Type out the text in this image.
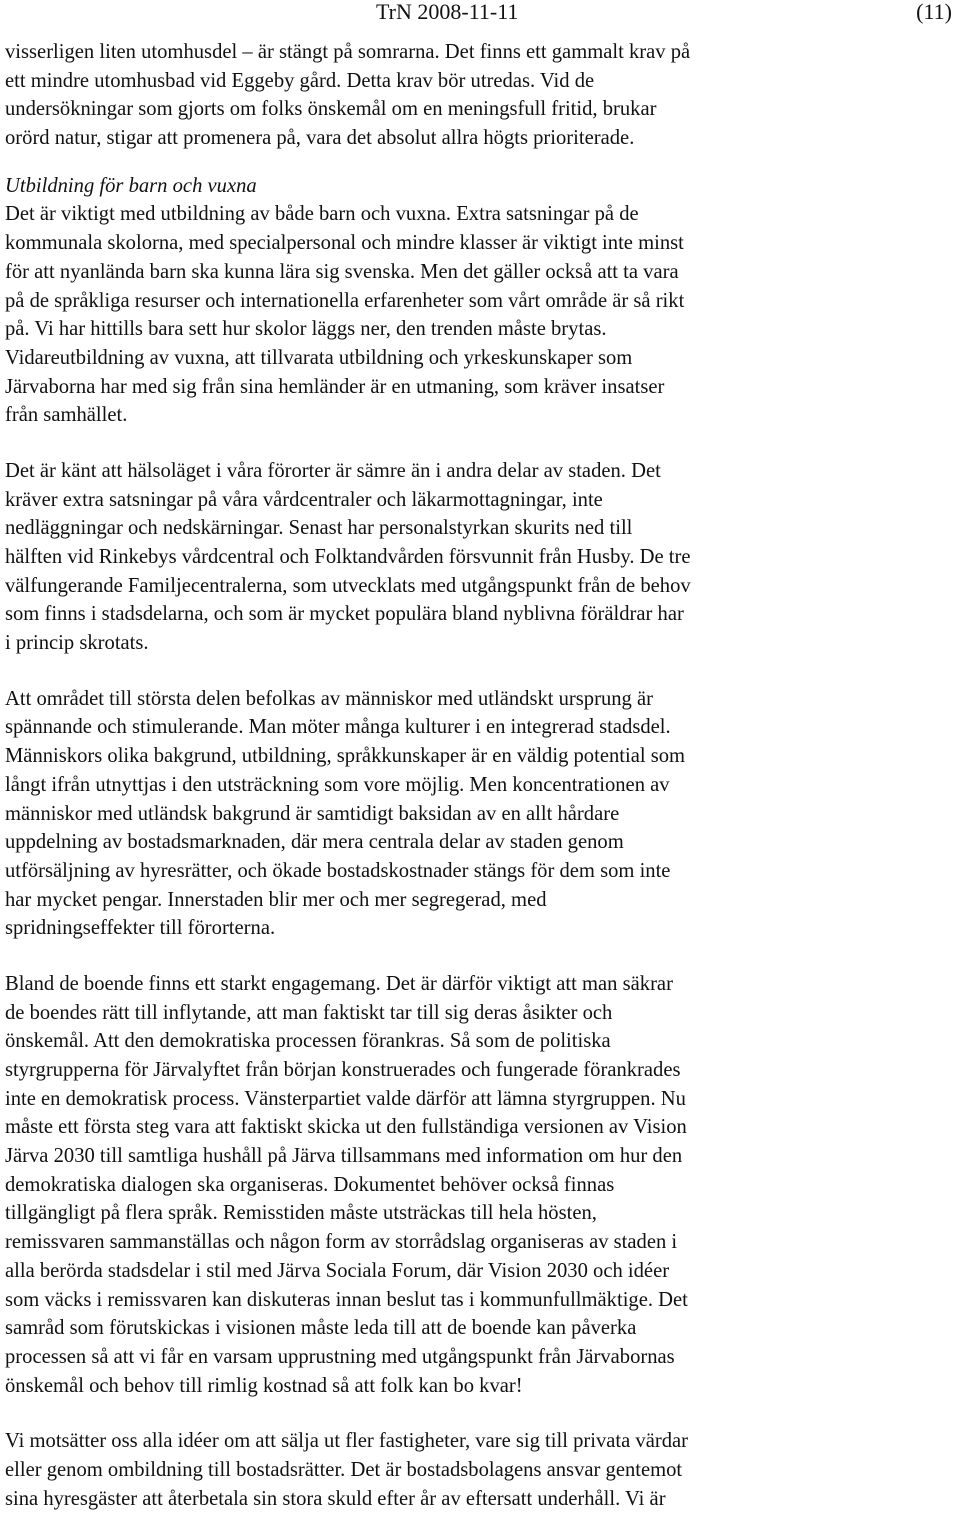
TrN 2008-11-11	(11)
visserligen liten utomhusdel – är stängt på somrarna. Det finns ett gammalt krav på
ett mindre utomhusbad vid Eggeby gård. Detta krav bör utredas. Vid de
undersökningar som gjorts om folks önskemål om en meningsfull fritid, brukar
orörd natur, stigar att promenera på, vara det absolut allra högts prioriterade.
Utbildning för barn och vuxna
Det är viktigt med utbildning av både barn och vuxna. Extra satsningar på de
kommunala skolorna, med specialpersonal och mindre klasser är viktigt inte minst
för att nyanlända barn ska kunna lära sig svenska. Men det gäller också att ta vara
på de språkliga resurser och internationella erfarenheter som vårt område är så rikt
på. Vi har hittills bara sett hur skolor läggs ner, den trenden måste brytas.
Vidareutbildning av vuxna, att tillvarata utbildning och yrkeskunskaper som
Järvaborna har med sig från sina hemländer är en utmaning, som kräver insatser
från samhället.
Det är känt att hälsoläget i våra förorter är sämre än i andra delar av staden. Det
kräver extra satsningar på våra vårdcentraler och läkarmottagningar, inte
nedläggningar och nedskärningar. Senast har personalstyrkan skurits ned till
hälften vid Rinkebys vårdcentral och Folktandvården försvunnit från Husby. De tre
välfungerande Familjecentralerna, som utvecklats med utgångspunkt från de behov
som finns i stadsdelarna, och som är mycket populära bland nyblivna föräldrar har
i princip skrotats.
Att området till största delen befolkas av människor med utländskt ursprung är
spännande och stimulerande. Man möter många kulturer i en integrerad stadsdel.
Människors olika bakgrund, utbildning, språkkunskaper är en väldig potential som
långt ifrån utnyttjas i den utsträckning som vore möjlig. Men koncentrationen av
människor med utländsk bakgrund är samtidigt baksidan av en allt hårdare
uppdelning av bostadsmarknaden, där mera centrala delar av staden genom
utförsäljning av hyresrätter, och ökade bostadskostnader stängs för dem som inte
har mycket pengar. Innerstaden blir mer och mer segregerad, med
spridningseffekter till förorterna.
Bland de boende finns ett starkt engagemang. Det är därför viktigt att man säkrar
de boendes rätt till inflytande, att man faktiskt tar till sig deras åsikter och
önskemål. Att den demokratiska processen förankras. Så som de politiska
styrgrupperna för Järvalyftet från början konstruerades och fungerade förankrades
inte en demokratisk process. Vänsterpartiet valde därför att lämna styrgruppen. Nu
måste ett första steg vara att faktiskt skicka ut den fullständiga versionen av Vision
Järva 2030 till samtliga hushåll på Järva tillsammans med information om hur den
demokratiska dialogen ska organiseras. Dokumentet behöver också finnas
tillgängligt på flera språk. Remisstiden måste utsträckas till hela hösten,
remissvaren sammanställas och någon form av storrådslag organiseras av staden i
alla berörda stadsdelar i stil med Järva Sociala Forum, där Vision 2030 och idéer
som väcks i remissvaren kan diskuteras innan beslut tas i kommunfullmäktige. Det
samråd som förutskickas i visionen måste leda till att de boende kan påverka
processen så att vi får en varsam upprustning med utgångspunkt från Järvabornas
önskemål och behov till rimlig kostnad så att folk kan bo kvar!
Vi motsätter oss alla idéer om att sälja ut fler fastigheter, vare sig till privata värdar
eller genom ombildning till bostadsrätter. Det är bostadsbolagens ansvar gentemot
sina hyresgäster att återbetala sin stora skuld efter år av eftersatt underhåll. Vi är
